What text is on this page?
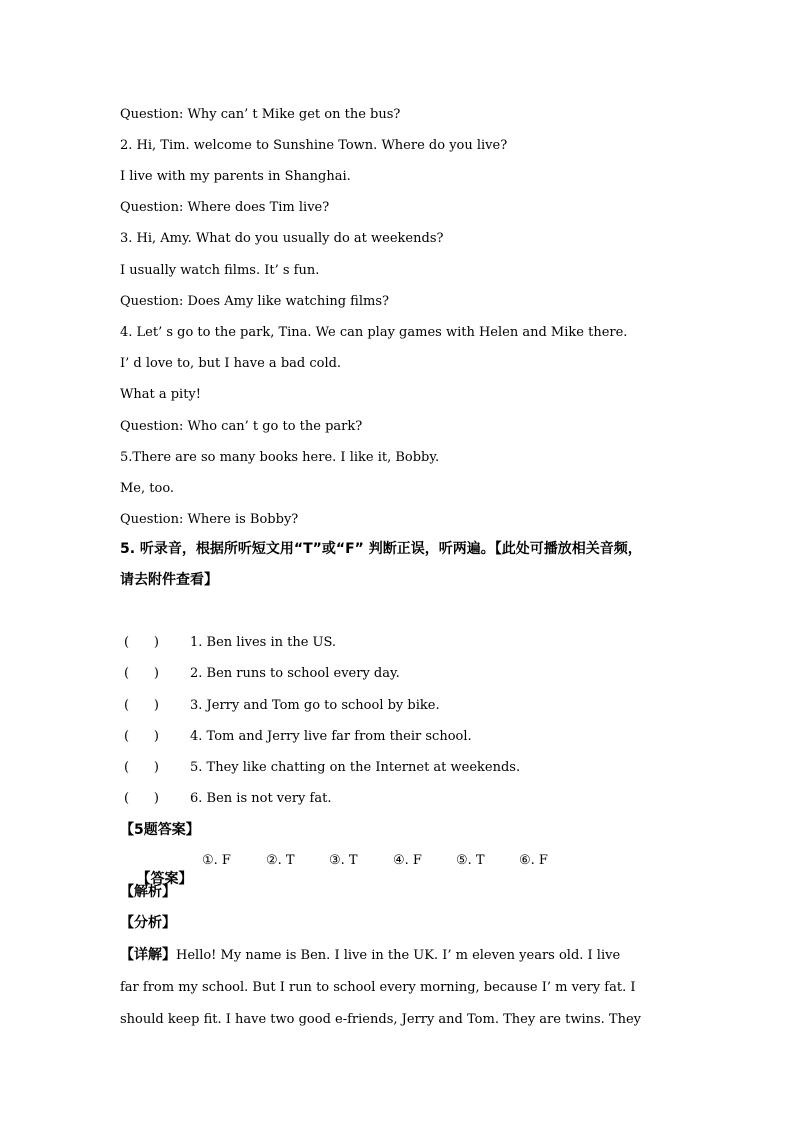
Question: Why can’ t Mike get on the bus?
2. Hi, Tim. welcome to Sunshine Town. Where do you live?
I live with my parents in Shanghai.
Question: Where does Tim live?
3. Hi, Amy. What do you usually do at weekends?
I usually watch films. It’ s fun.
Question: Does Amy like watching films?
4. Let’ s go to the park, Tina. We can play games with Helen and Mike there.
I’ d love to, but I have a bad cold.
What a pity!
Question: Who can’ t go to the park?
5.There are so many books here. I like it, Bobby.
Me, too.
Question: Where is Bobby?
5. 听录音，根据所听短文用“T”或“F” 判断正误，听两遍。【此处可播放相关音频，
请去附件查看】
(      ) 1. Ben lives in the US.
(      ) 2. Ben runs to school every day.
(      ) 3. Jerry and Tom go to school by bike.
(      ) 4. Tom and Jerry live far from their school.
(      ) 5. They like chatting on the Internet at weekends.
(      ) 6. Ben is not very fat.
【5题答案】

【答案】

①. F

	②. T

	③. T

	④. F

	⑤. T

	⑥. F

【解析】
【分析】
【详解】Hello! My name is Ben. I live in the UK. I’ m eleven years old. I live
far from my school. But I run to school every morning, because I’ m very fat. I
should keep fit. I have two good e-friends, Jerry and Tom. They are twins. They
